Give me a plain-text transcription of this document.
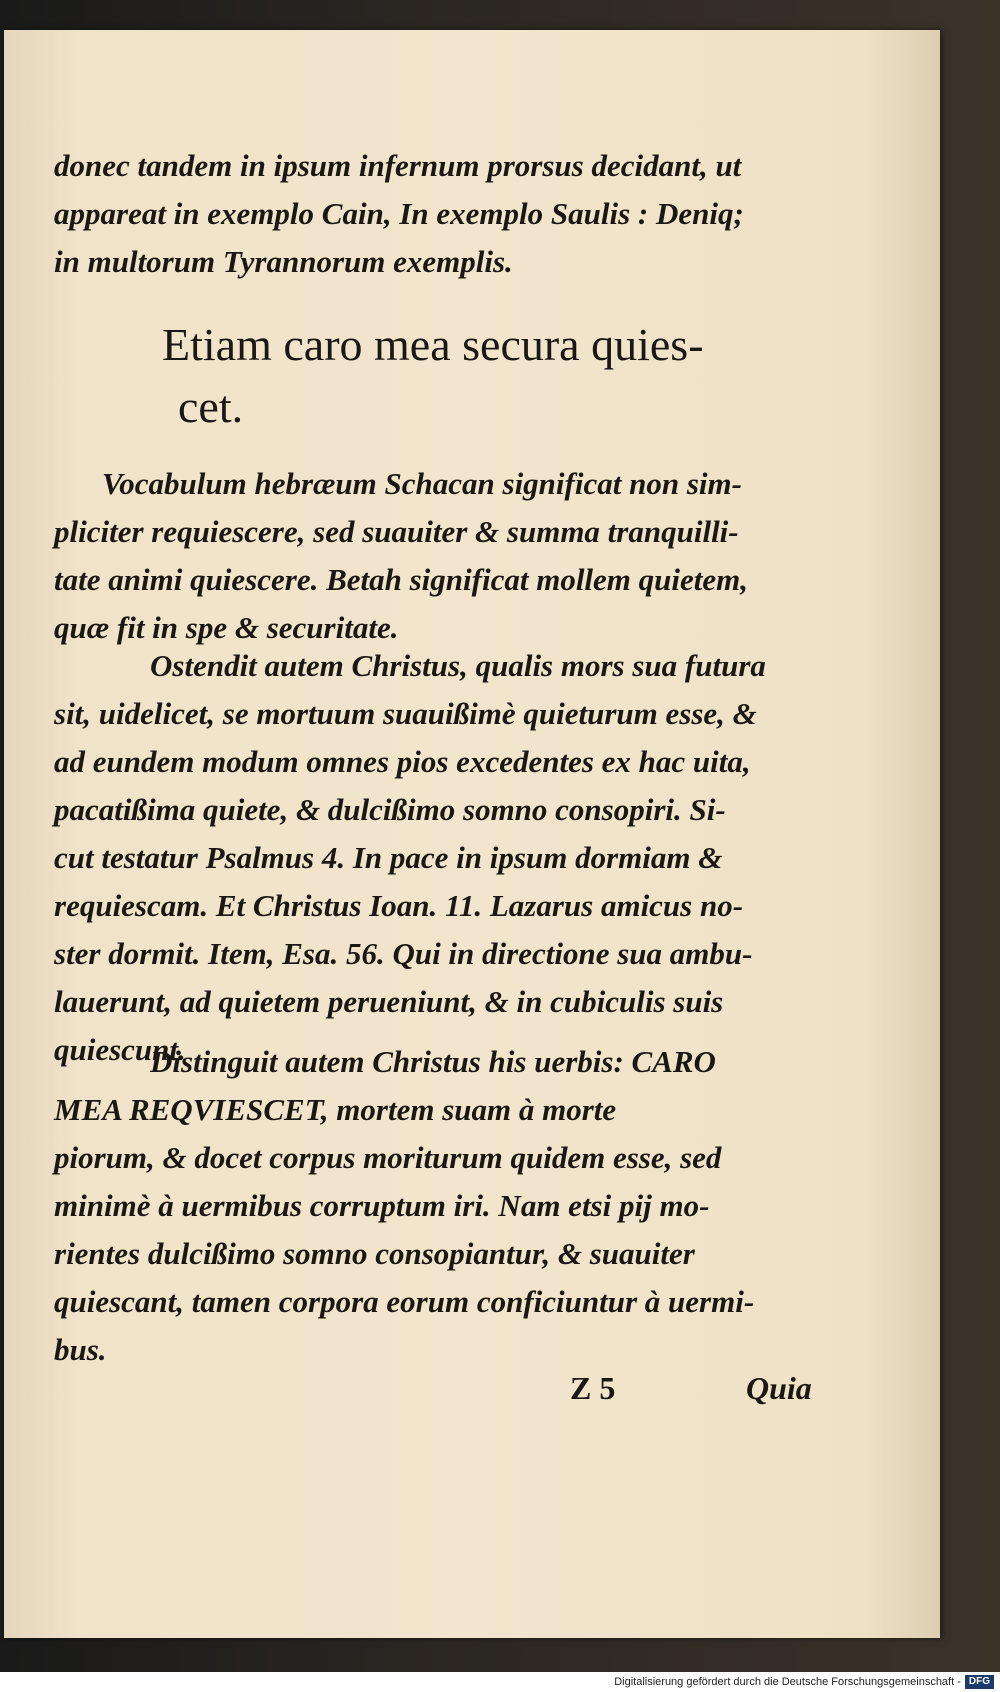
donec tandem in ipsum infernum prorsus decidant, ut
appareat in exemplo Cain, In exemplo Saulis : Deniq;
in multorum Tyrannorum exemplis.
Etiam caro mea secura quies-
cet.
Vocabulum hebræum Schacan significat non sim-
pliciter requiescere, sed suauiter & summa tranquilli-
tate animi quiescere. Betah significat mollem quietem,
quæ fit in spe & securitate.
Ostendit autem Christus, qualis mors sua futura
sit, uidelicet, se mortuum suauißimè quieturum esse, &
ad eundem modum omnes pios excedentes ex hac uita,
pacatißima quiete, & dulcißimo somno consopiri. Si-
cut testatur Psalmus 4. In pace in ipsum dormiam &
requiescam. Et Christus Ioan. 11. Lazarus amicus no-
ster dormit. Item, Esa. 56. Qui in directione sua ambu-
lauerunt, ad quietem perueniunt, & in cubiculis suis
quiescunt.
Distinguit autem Christus his uerbis: CARO
MEA REQVIESCET, mortem suam à morte
piorum, & docet corpus moriturum quidem esse, sed
minimè à uermibus corruptum iri. Nam etsi pij mo-
rientes dulcißimo somno consopiantur, & suauiter
quiescant, tamen corpora eorum conficiuntur à uermi-
bus.
Z 5	Quia
Digitalisierung gefördert durch die Deutsche Forschungsgemeinschaft - DFG
